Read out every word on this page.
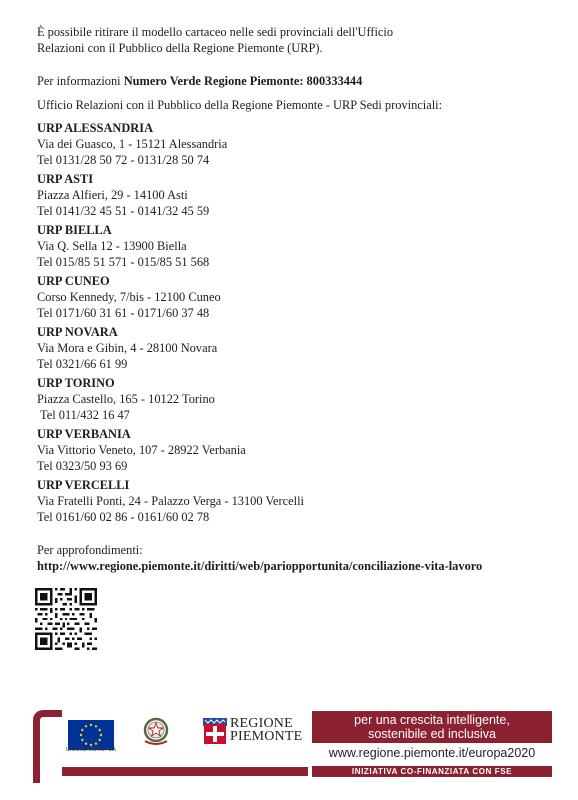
È possibile ritirare il modello cartaceo nelle sedi provinciali dell'Ufficio
Relazioni con il Pubblico della Regione Piemonte (URP).

Per informazioni Numero Verde Regione Piemonte: 800333444

Ufficio Relazioni con il Pubblico della Regione Piemonte - URP Sedi provinciali:

URP ALESSANDRIA
Via dei Guasco, 1 - 15121 Alessandria
Tel 0131/28 50 72 - 0131/28 50 74
URP ASTI
Piazza Alfieri, 29 - 14100 Asti
Tel 0141/32 45 51 - 0141/32 45 59
URP BIELLA
Via Q. Sella 12 - 13900 Biella
Tel 015/85 51 571 - 015/85 51 568
URP CUNEO
Corso Kennedy, 7/bis - 12100 Cuneo
Tel 0171/60 31 61 - 0171/60 37 48
URP NOVARA
Via Mora e Gibin, 4 - 28100 Novara
Tel 0321/66 61 99
URP TORINO
Piazza Castello, 165 - 10122 Torino
Tel 011/432 16 47
URP VERBANIA
Via Vittorio Veneto, 107 - 28922 Verbania
Tel 0323/50 93 69
URP VERCELLI
Via Fratelli Ponti, 24 - Palazzo Verga - 13100 Vercelli
Tel 0161/60 02 86 - 0161/60 02 78

Per approfondimenti:

http://www.regione.piemonte.it/diritti/web/pariopportunita/conciliazione-vita-lavoro

UNIONE EUROPEA
REGIONE
PIEMONTE
per una crescita intelligente,
sostenibile ed inclusiva
www.regione.piemonte.it/europa2020
INIZIATIVA CO-FINANZIATA CON FSE
